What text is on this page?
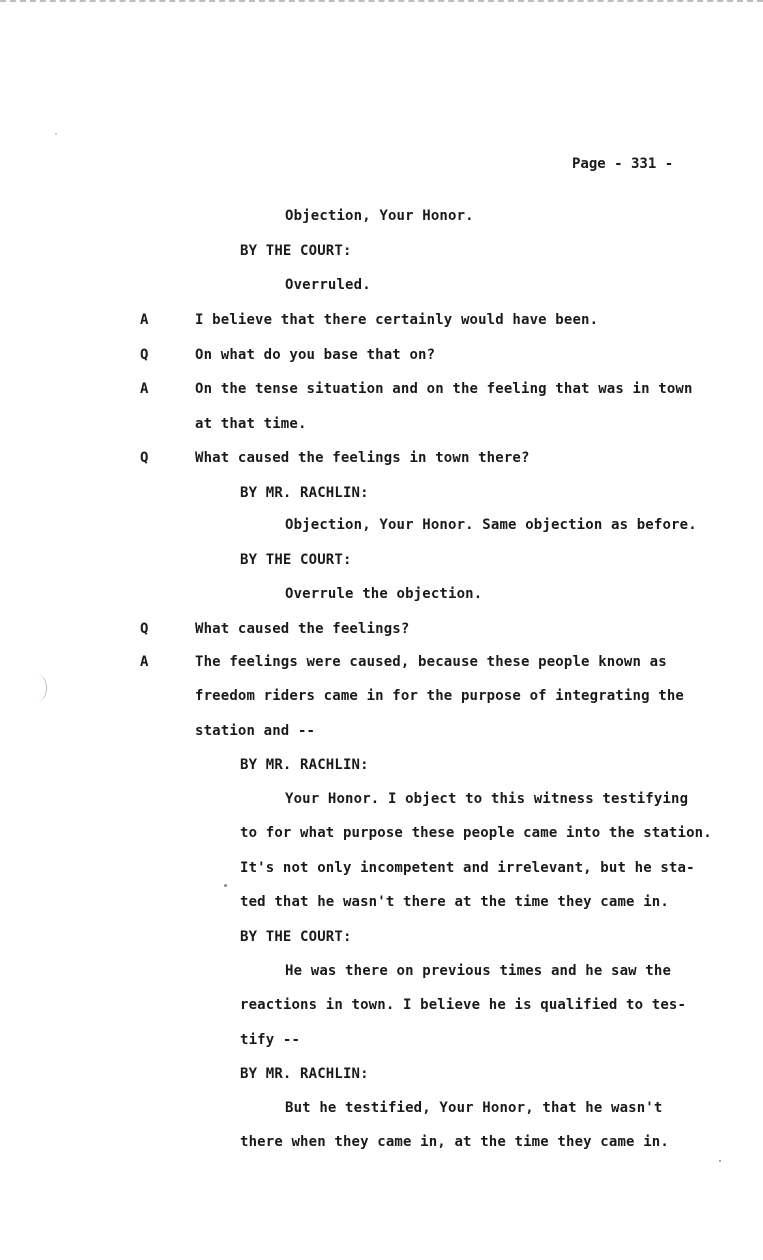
Page - 331 -
Objection, Your Honor.
BY THE COURT:
Overruled.
A	I believe that there certainly would have been.
Q	On what do you base that on?
A	On the tense situation and on the feeling that was in town
at that time.
Q	What caused the feelings in town there?
BY MR. RACHLIN:
Objection, Your Honor. Same objection as before.
BY THE COURT:
Overrule the objection.
Q	What caused the feelings?
A	The feelings were caused, because these people known as
freedom riders came in for the purpose of integrating the
station and --
BY MR. RACHLIN:
Your Honor. I object to this witness testifying
to for what purpose these people came into the station.
It's not only incompetent and irrelevant, but he sta-
ted that he wasn't there at the time they came in.
BY THE COURT:
He was there on previous times and he saw the
reactions in town. I believe he is qualified to tes-
tify --
BY MR. RACHLIN:
But he testified, Your Honor, that he wasn't
there when they came in, at the time they came in.
